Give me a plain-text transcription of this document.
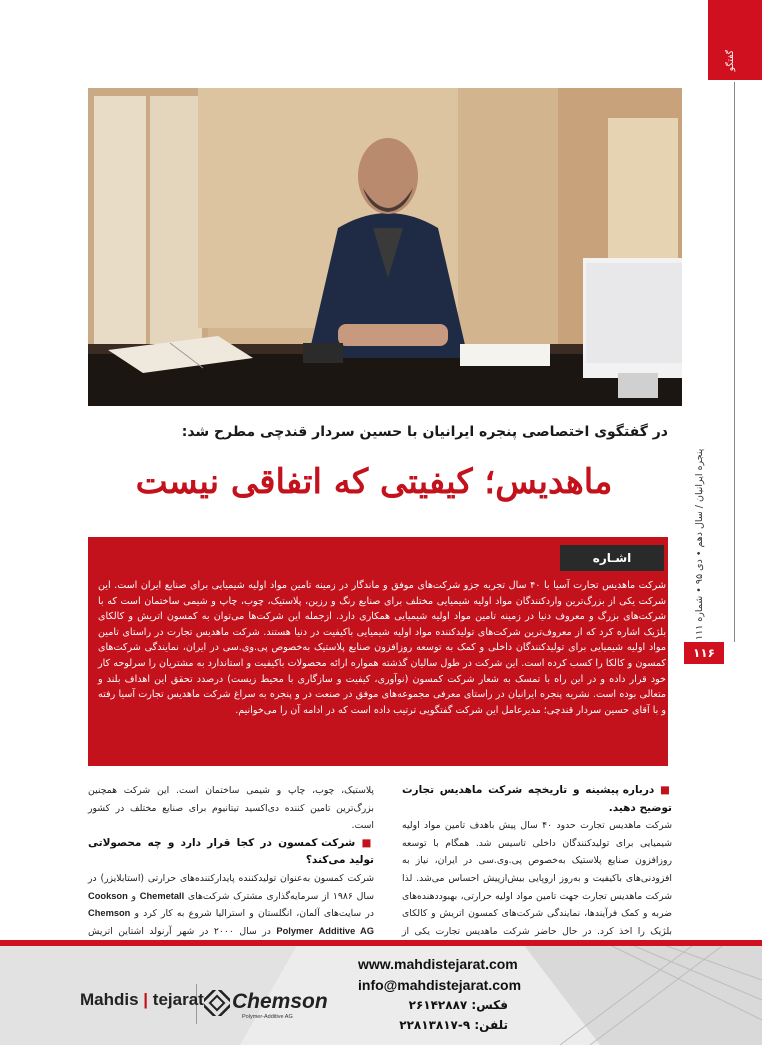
گفتگو
پنجره ایرانیان / سال دهم • دی ۹۵ • شماره ۱۱۱
۱۱۶
در گفتگوی اختصاصی پنجره ایرانیان با حسین سردار قندچی مطرح شد:
ماهدیس؛ کیفیتی که اتفاقی نیست
اشـاره
شرکت ماهدیس تجارت آسیا با ۴۰ سال تجربه جزو شرکت‌های موفق و ماندگار در زمینه تامین مواد اولیه شیمیایی برای صنایع ایران است. این شرکت یکی از بزرگ‌ترین واردکنندگان مواد اولیه شیمیایی مختلف برای صنایع رنگ و رزین، پلاستیک، چوب، چاپ و شیمی ساختمان است که با شرکت‌های بزرگ و معروف دنیا در زمینه تامین مواد اولیه شیمیایی همکاری دارد. ازجمله این شرکت‌ها می‌توان به کمسون اتریش و کالکای بلژیک اشاره کرد که از معروف‌ترین شرکت‌های تولیدکننده مواد اولیه شیمیایی باکیفیت در دنیا هستند. شرکت ماهدیس تجارت در راستای تامین مواد اولیه شیمیایی برای تولیدکنندگان داخلی و کمک به توسعه روزافزون صنایع پلاستیک به‌خصوص پی.وی.سی در ایران، نمایندگی شرکت‌های کمسون و کالکا را کسب کرده است. این شرکت در طول سالیان گذشته همواره ارائه محصولات باکیفیت و استاندارد به مشتریان را سرلوحه کار خود قرار داده و در این راه با تمسک به شعار شرکت کمسون (نوآوری، کیفیت و سازگاری با محیط زیست) درصدد تحقق این اهداف بلند و متعالی بوده است. نشریه پنجره ایرانیان در راستای معرفی مجموعه‌های موفق در صنعت در و پنجره به سراغ شرکت ماهدیس تجارت آسیا رفته و با آقای حسین سردار قندچی؛ مدیرعامل این شرکت گفتگویی ترتیب داده است که در ادامه آن را می‌خوانیم.
■ درباره پیشینه و تاریخچه شرکت ماهدیس تجارت توضیح دهید.
شرکت ماهدیس تجارت حدود ۴۰ سال پیش باهدف تامین مواد اولیه شیمیایی برای تولیدکنندگان داخلی تاسیس شد. همگام با توسعه روزافزون صنایع پلاستیک به‌خصوص پی.وی.سی در ایران، نیاز به افزودنی‌های باکیفیت و به‌روز اروپایی بیش‌ازپیش احساس می‌شد. لذا شرکت ماهدیس تجارت جهت تامین مواد اولیه حرارتی، بهبوددهنده‌های ضربه و کمک فرآیندها، نمایندگی شرکت‌های کمسون اتریش و کالکای بلژیک را اخذ کرد. در حال حاضر شرکت ماهدیس تجارت یکی از
پلاستیک، چوب، چاپ و شیمی ساختمان است. این شرکت همچنین بزرگ‌ترین تامین کننده دی‌اکسید تیتانیوم برای صنایع مختلف در کشور است.
■ شرکت کمسون در کجا قرار دارد و چه محصولاتی تولید می‌کند؟
شرکت کمسون به‌عنوان تولیدکننده پایدارکننده‌های حرارتی (استابلایزر) در سال ۱۹۸۶ از سرمایه‌گذاری مشترک شرکت‌های Chemetall و Cookson در سایت‌های آلمان، انگلستان و استرالیا شروع به کار کرد و Chemson Polymer Additive AG در سال ۲۰۰۰ در شهر آرنولد اشتاین اتریش
www.mahdistejarat.com
info@mahdistejarat.com
فکس: ۲۶۱۴۲۸۸۷
تلفن: ۹-۲۲۸۱۳۸۱۷
Chemson
Polymer-Additive AG
Mahdis | tejarat
